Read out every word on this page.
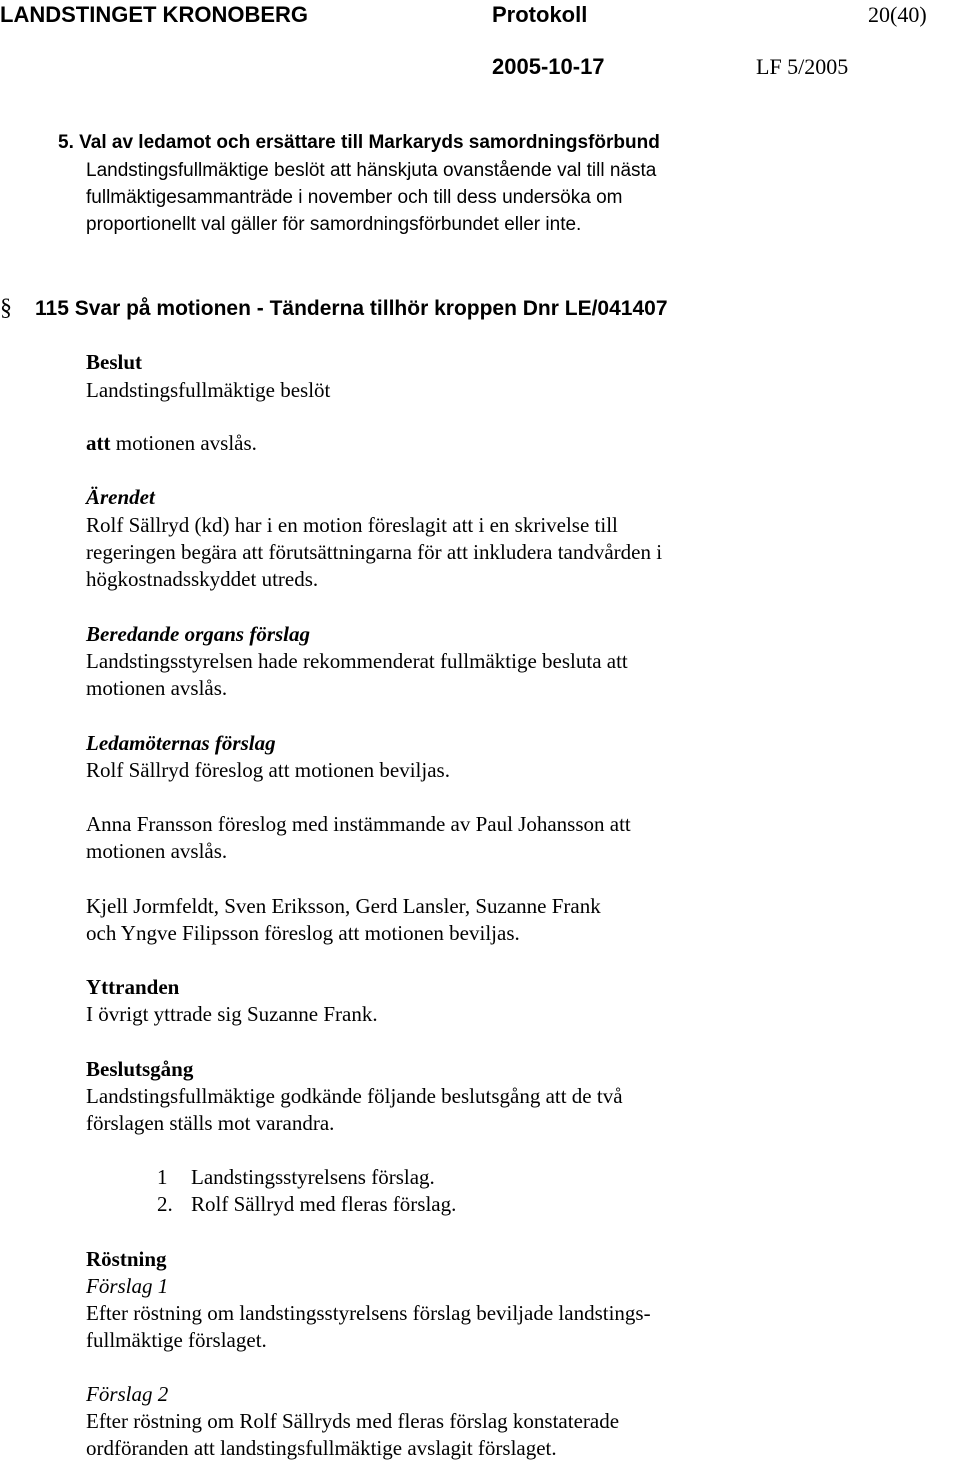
LANDSTINGET KRONOBERG	Protokoll	20(40)
2005-10-17	LF 5/2005
5. Val av ledamot och ersättare till Markaryds samordningsförbund
Landstingsfullmäktige beslöt att hänskjuta ovanstående val till nästa
fullmäktigesammanträde i november och till dess undersöka om
proportionellt val gäller för samordningsförbundet eller inte.
§ 115 Svar på motionen - Tänderna tillhör kroppen Dnr LE/041407
Beslut
Landstingsfullmäktige beslöt
att motionen avslås.
Ärendet
Rolf Sällryd (kd) har i en motion föreslagit att i en skrivelse till
regeringen begära att förutsättningarna för att inkludera tandvården i
högkostnadsskyddet utreds.
Beredande organs förslag
Landstingsstyrelsen hade rekommenderat fullmäktige besluta att
motionen avslås.
Ledamöternas förslag
Rolf Sällryd föreslog att motionen beviljas.
Anna Fransson föreslog med instämmande av Paul Johansson att
motionen avslås.
Kjell Jormfeldt, Sven Eriksson, Gerd Lansler, Suzanne Frank
och Yngve Filipsson föreslog att motionen beviljas.
Yttranden
I övrigt yttrade sig Suzanne Frank.
Beslutsgång
Landstingsfullmäktige godkände följande beslutsgång att de två
förslagen ställs mot varandra.
1 Landstingsstyrelsens förslag.
2. Rolf Sällryd med fleras förslag.
Röstning
Förslag 1
Efter röstning om landstingsstyrelsens förslag beviljade landstings-
fullmäktige förslaget.
Förslag 2
Efter röstning om Rolf Sällryds med fleras förslag konstaterade
ordföranden att landstingsfullmäktige avslagit förslaget.
